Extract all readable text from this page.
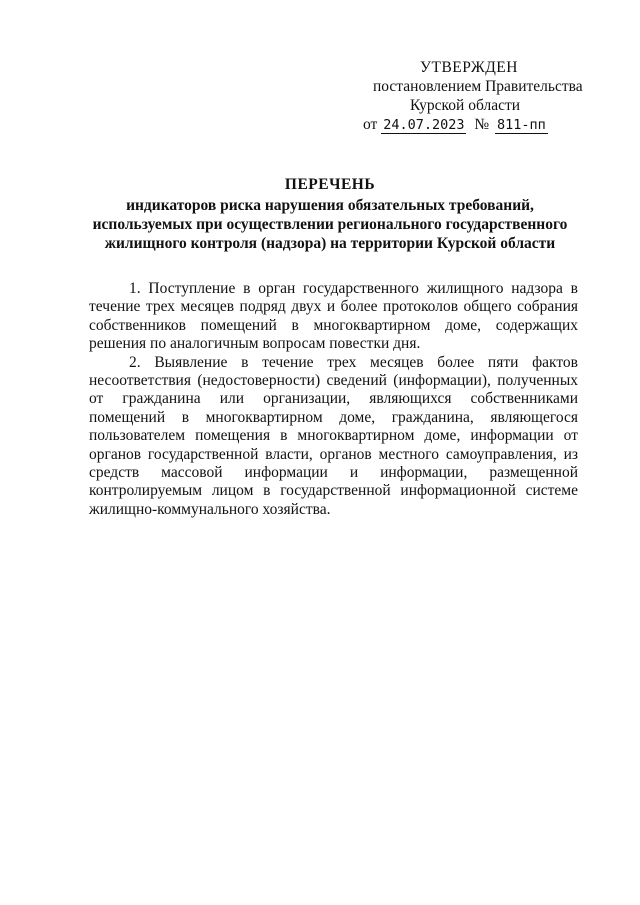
УТВЕРЖДЕН
постановлением Правительства
Курской области
от 24.07.2023 № 811-пп
ПЕРЕЧЕНЬ
индикаторов риска нарушения обязательных требований,
используемых при осуществлении регионального государственного
жилищного контроля (надзора) на территории Курской области

1. Поступление в орган государственного жилищного надзора в течение трех месяцев подряд двух и более протоколов общего собрания собственников помещений в многоквартирном доме, содержащих решения по аналогичным вопросам повестки дня.

2. Выявление в течение трех месяцев более пяти фактов несоответствия (недостоверности) сведений (информации), полученных от гражданина или организации, являющихся собственниками помещений в многоквартирном доме, гражданина, являющегося пользователем помещения в многоквартирном доме, информации от органов государственной власти, органов местного самоуправления, из средств массовой информации и информации, размещенной контролируемым лицом в государственной информационной системе жилищно-коммунального хозяйства.
